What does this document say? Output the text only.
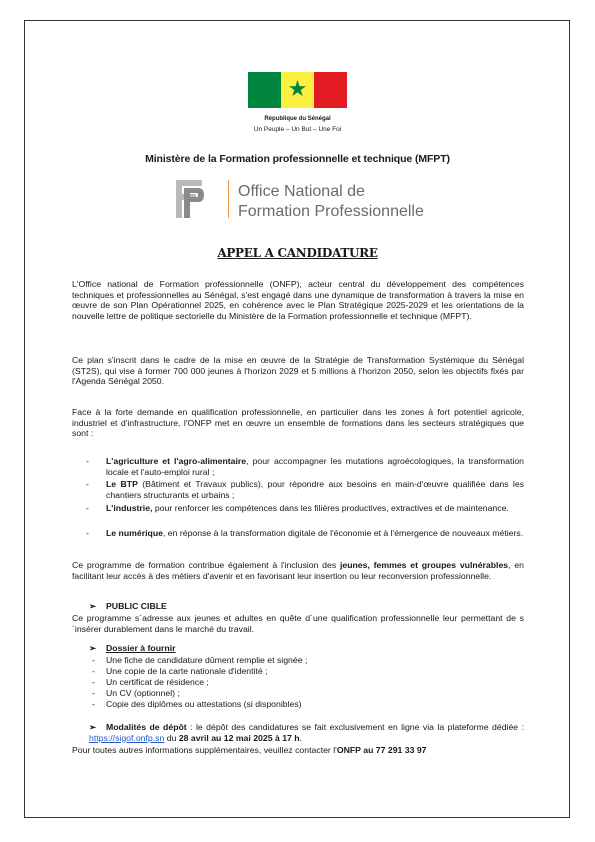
★
République du Sénégal
Un Peuple – Un But – Une Foi
Ministère de la Formation professionnelle et technique (MFPT)
Office National de
Formation Professionnelle
APPEL A CANDIDATURE

L'Office national de Formation professionnelle (ONFP), acteur central du développement des compétences techniques et professionnelles au Sénégal, s'est engagé dans une dynamique de transformation à travers la mise en œuvre de son Plan Opérationnel 2025, en cohérence avec le Plan Stratégique 2025-2029 et les orientations de la nouvelle lettre de politique sectorielle du Ministère de la Formation professionnelle et technique (MFPT).

Ce plan s'inscrit dans le cadre de la mise en œuvre de la Stratégie de Transformation Systémique du Sénégal (ST2S), qui vise à former 700 000 jeunes à l'horizon 2029 et 5 millions à l'horizon 2050, selon les objectifs fixés par l'Agenda Sénégal 2050.

Face à la forte demande en qualification professionnelle, en particulier dans les zones à fort potentiel agricole, industriel et d'infrastructure, l'ONFP met en œuvre un ensemble de formations dans les secteurs stratégiques que sont :

- L'agriculture et l'agro-alimentaire, pour accompagner les mutations agroécologiques, la transformation locale et l'auto-emploi rural ;
- Le BTP (Bâtiment et Travaux publics), pour répondre aux besoins en main-d'œuvre qualifiée dans les chantiers structurants et urbains ;
- L'industrie, pour renforcer les compétences dans les filières productives, extractives et de maintenance.
- Le numérique, en réponse à la transformation digitale de l'économie et à l'émergence de nouveaux métiers.

Ce programme de formation contribue également à l'inclusion des jeunes, femmes et groupes vulnérables, en facilitant leur accès à des métiers d'avenir et en favorisant leur insertion ou leur reconversion professionnelle.

➢ PUBLIC CIBLE

Ce programme s´adresse aux jeunes et adultes en quête d´une qualification professionnelle leur permettant de s´insérer durablement dans le marché du travail.

➢ Dossier à fournir
- Une fiche de candidature dûment remplie et signée ;
- Une copie de la carte nationale d'identité ;
- Un certificat de résidence ;
- Un CV (optionnel) ;
- Copie des diplômes ou attestations (si disponibles)
➢ Modalités de dépôt : le dépôt des candidatures se fait exclusivement en ligne via la plateforme dédiée : https://sigof.onfp.sn du 28 avril au 12 mai 2025 à 17 h.
Pour toutes autres informations supplémentaires, veuillez contacter l'ONFP au 77 291 33 97
